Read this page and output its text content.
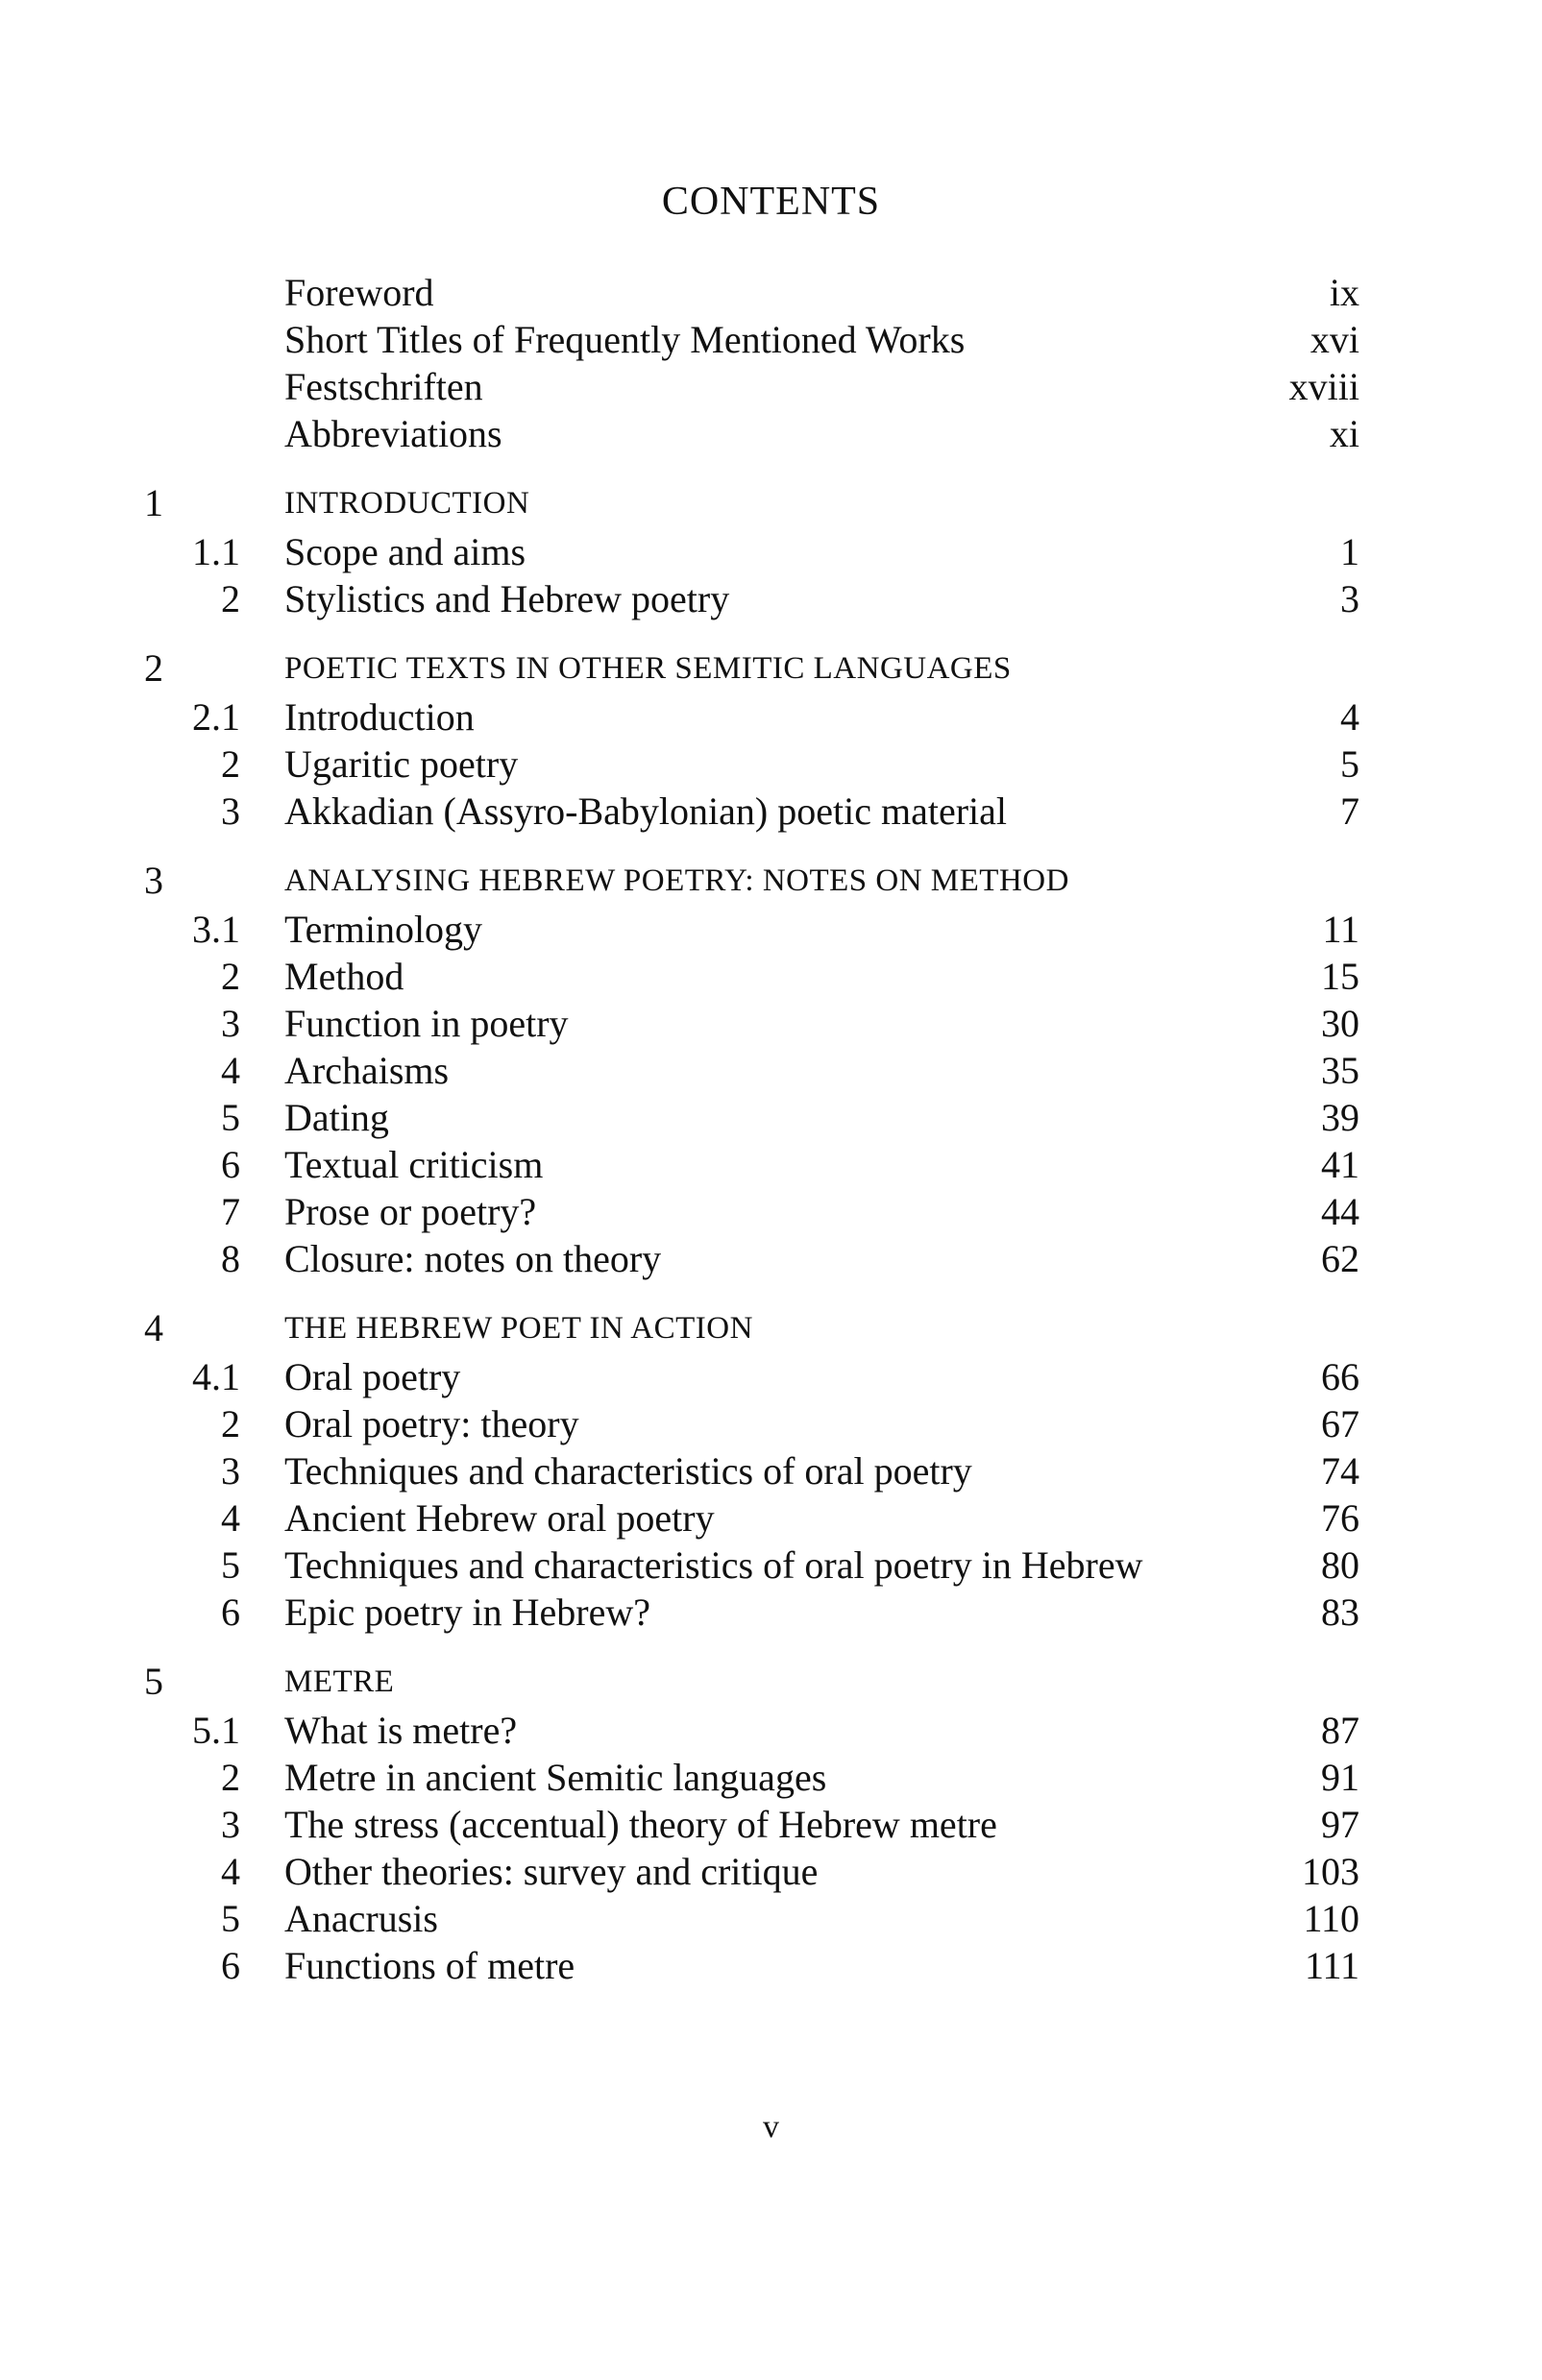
CONTENTS
Foreword	ix
Short Titles of Frequently Mentioned Works	xvi
Festschriften	xviii
Abbreviations	xi
1	INTRODUCTION
1.1 Scope and aims	1
2 Stylistics and Hebrew poetry	3
2	POETIC TEXTS IN OTHER SEMITIC LANGUAGES
2.1 Introduction	4
2 Ugaritic poetry	5
3 Akkadian (Assyro-Babylonian) poetic material	7
3	ANALYSING HEBREW POETRY: NOTES ON METHOD
3.1 Terminology	11
2 Method	15
3 Function in poetry	30
4 Archaisms	35
5 Dating	39
6 Textual criticism	41
7 Prose or poetry?	44
8 Closure: notes on theory	62
4	THE HEBREW POET IN ACTION
4.1 Oral poetry	66
2 Oral poetry: theory	67
3 Techniques and characteristics of oral poetry	74
4 Ancient Hebrew oral poetry	76
5 Techniques and characteristics of oral poetry in Hebrew	80
6 Epic poetry in Hebrew?	83
5	METRE
5.1 What is metre?	87
2 Metre in ancient Semitic languages	91
3 The stress (accentual) theory of Hebrew metre	97
4 Other theories: survey and critique	103
5 Anacrusis	110
6 Functions of metre	111
v
